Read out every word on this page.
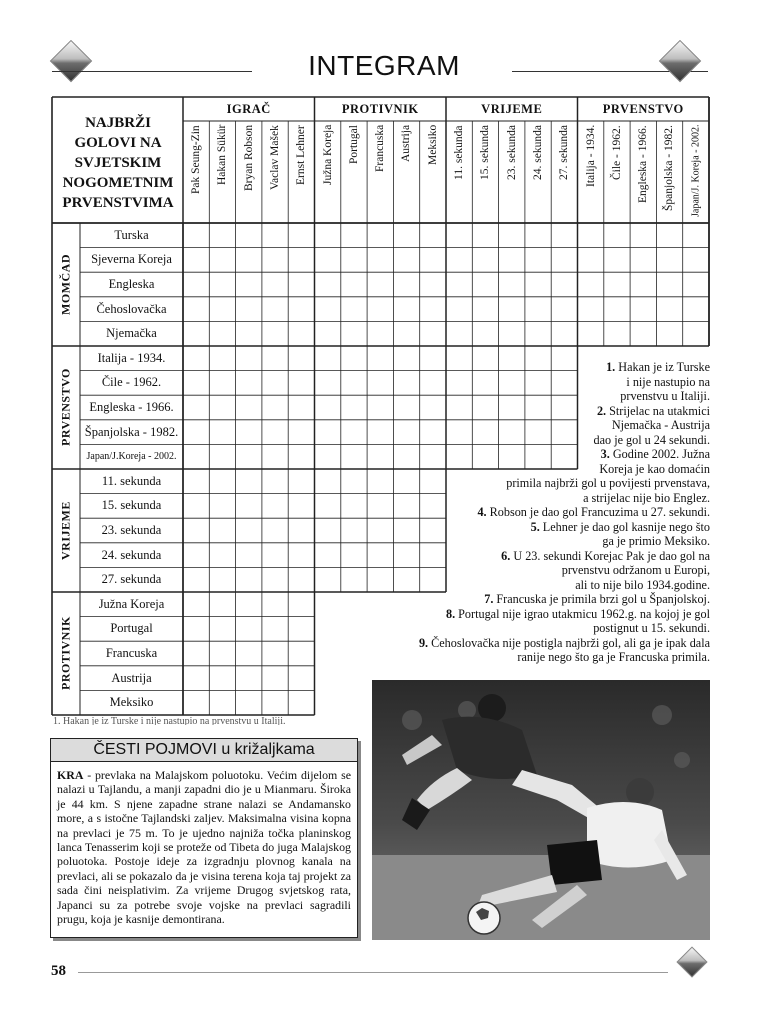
INTEGRAM
IGRAČ
Pak Seung-Zin	Hakan Sükür	Bryan Robson	Vaclav Mašek	Ernst Lehner
PROTIVNIK
Južna Koreja	Portugal	Francuska	Austrija	Meksiko
VRIJEME
11. sekunda	15. sekunda	23. sekunda	24. sekunda	27. sekunda
PRVENSTVO
Italija - 1934.	Čile - 1962.	Engleska - 1966.	Španjolska - 1982.	Japan/J. Koreja - 2002.
MOMČAD
Turska
Sjeverna Koreja
Engleska
Čehoslovačka
Njemačka
PRVENSTVO
Italija - 1934.
Čile - 1962.
Engleska - 1966.
Španjolska - 1982.
Japan/J.Koreja - 2002.
VRIJEME
11. sekunda
15. sekunda
23. sekunda
24. sekunda
27. sekunda
PROTIVNIK
Južna Koreja
Portugal
Francuska
Austrija
Meksiko
NAJBRŽI
GOLOVI NA
SVJETSKIM
NOGOMETNIM
PRVENSTVIMA
1. Hakan je iz Turske
i nije nastupio na
prvenstvu u Italiji.
2. Strijelac na utakmici
Njemačka - Austrija
dao je gol u 24 sekundi.
3. Godine 2002. Južna
Koreja je kao domaćin
primila najbrži gol u povijesti prvenstava,
a strijelac nije bio Englez.
4. Robson je dao gol Francuzima u 27. sekundi.
5. Lehner je dao gol kasnije nego što
ga je primio Meksiko.
6. U 23. sekundi Korejac Pak je dao gol na
prvenstvu održanom u Europi,
ali to nije bilo 1934.godine.
7. Francuska je primila brzi gol u Španjolskoj.
8. Portugal nije igrao utakmicu 1962.g. na kojoj je gol
postignut u 15. sekundi.
9. Čehoslovačka nije postigla najbrži gol, ali ga je ipak dala
ranije nego što ga je Francuska primila.
1. Hakan je iz Turske i nije nastupio na prvenstvu u Italiji.
ČESTI POJMOVI u križaljkama
KRA - prevlaka na Malajskom poluotoku. Većim dijelom se nalazi u Tajlandu, a manji zapadni dio je u Mianmaru. Široka je 44 km. S njene zapadne strane nalazi se Andamansko more, a s istočne Tajlandski zaljev. Maksimalna visina kopna na prevlaci je 75 m. To je ujedno najniža točka planinskog lanca Tenasserim koji se proteže od Tibeta do juga Malajskog poluotoka. Postoje ideje za izgradnju plovnog kanala na prevlaci, ali se pokazalo da je visina terena koja taj projekt za sada čini neisplativim. Za vrijeme Drugog svjetskog rata, Japanci su za potrebe svoje vojske na prevlaci sagradili prugu, koja je kasnije demontirana.
58
